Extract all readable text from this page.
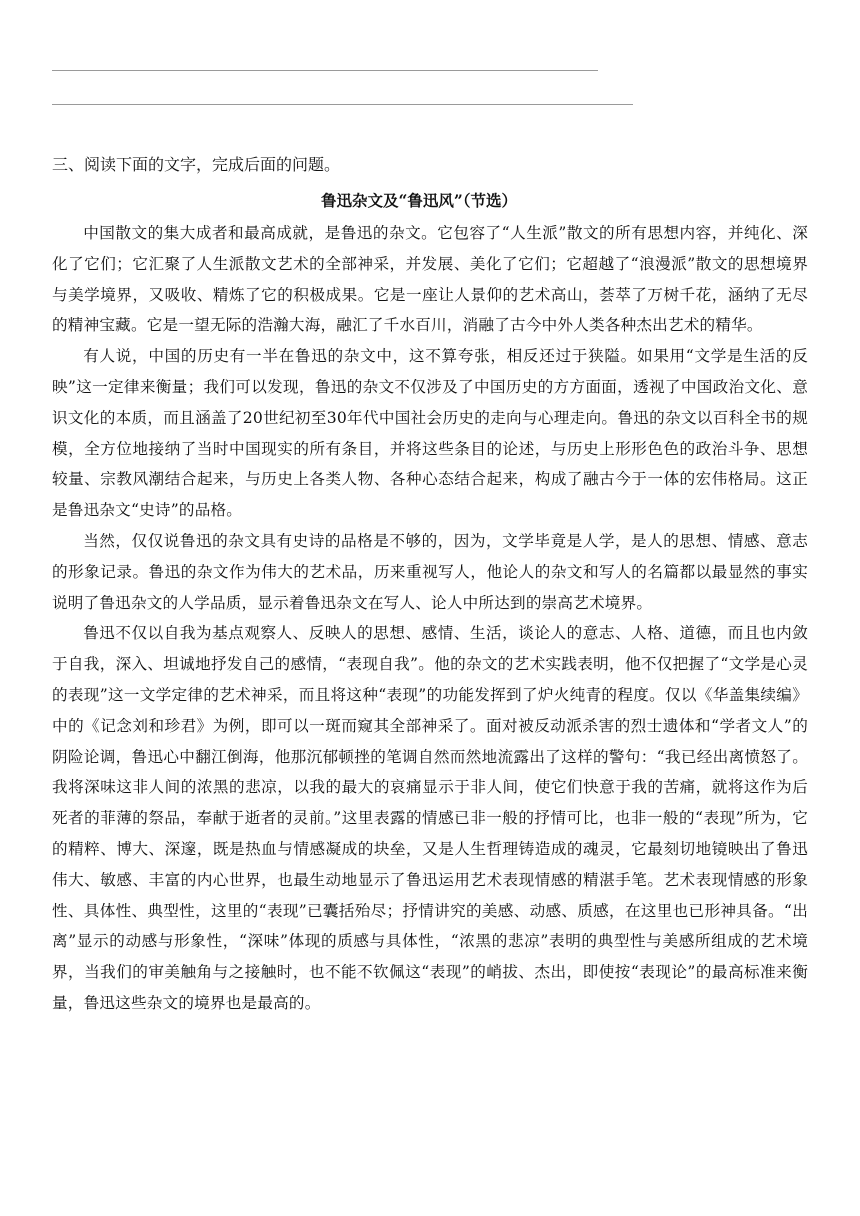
三、阅读下面的文字，完成后面的问题。

鲁迅杂文及“鲁迅风”（节选）

中国散文的集大成者和最高成就，是鲁迅的杂文。它包容了“人生派”散文的所有思想内容，并纯化、深化了它们；它汇聚了人生派散文艺术的全部神采，并发展、美化了它们；它超越了“浪漫派”散文的思想境界与美学境界，又吸收、精炼了它的积极成果。它是一座让人景仰的艺术高山，荟萃了万树千花，涵纳了无尽的精神宝藏。它是一望无际的浩瀚大海，融汇了千水百川，消融了古今中外人类各种杰出艺术的精华。

有人说，中国的历史有一半在鲁迅的杂文中，这不算夸张，相反还过于狭隘。如果用“文学是生活的反映”这一定律来衡量；我们可以发现，鲁迅的杂文不仅涉及了中国历史的方方面面，透视了中国政治文化、意识文化的本质，而且涵盖了20世纪初至30年代中国社会历史的走向与心理走向。鲁迅的杂文以百科全书的规模，全方位地接纳了当时中国现实的所有条目，并将这些条目的论述，与历史上形形色色的政治斗争、思想较量、宗教风潮结合起来，与历史上各类人物、各种心态结合起来，构成了融古今于一体的宏伟格局。这正是鲁迅杂文“史诗”的品格。

当然，仅仅说鲁迅的杂文具有史诗的品格是不够的，因为，文学毕竟是人学，是人的思想、情感、意志的形象记录。鲁迅的杂文作为伟大的艺术品，历来重视写人，他论人的杂文和写人的名篇都以最显然的事实说明了鲁迅杂文的人学品质，显示着鲁迅杂文在写人、论人中所达到的崇高艺术境界。

鲁迅不仅以自我为基点观察人、反映人的思想、感情、生活，谈论人的意志、人格、道德，而且也内敛于自我，深入、坦诚地抒发自己的感情，“表现自我”。他的杂文的艺术实践表明，他不仅把握了“文学是心灵的表现”这一文学定律的艺术神采，而且将这种“表现”的功能发挥到了炉火纯青的程度。仅以《华盖集续编》中的《记念刘和珍君》为例，即可以一斑而窥其全部神采了。面对被反动派杀害的烈士遗体和“学者文人”的阴险论调，鲁迅心中翻江倒海，他那沉郁顿挫的笔调自然而然地流露出了这样的警句：“我已经出离愤怒了。我将深味这非人间的浓黑的悲凉，以我的最大的哀痛显示于非人间，使它们快意于我的苦痛，就将这作为后死者的菲薄的祭品，奉献于逝者的灵前。”这里表露的情感已非一般的抒情可比，也非一般的“表现”所为，它的精粹、博大、深邃，既是热血与情感凝成的块垒，又是人生哲理铸造成的魂灵，它最刻切地镜映出了鲁迅伟大、敏感、丰富的内心世界，也最生动地显示了鲁迅运用艺术表现情感的精湛手笔。艺术表现情感的形象性、具体性、典型性，这里的“表现”已囊括殆尽；抒情讲究的美感、动感、质感，在这里也已形神具备。“出离”显示的动感与形象性，“深味”体现的质感与具体性，“浓黑的悲凉”表明的典型性与美感所组成的艺术境界，当我们的审美触角与之接触时，也不能不钦佩这“表现”的峭拔、杰出，即使按“表现论”的最高标准来衡量，鲁迅这些杂文的境界也是最高的。
